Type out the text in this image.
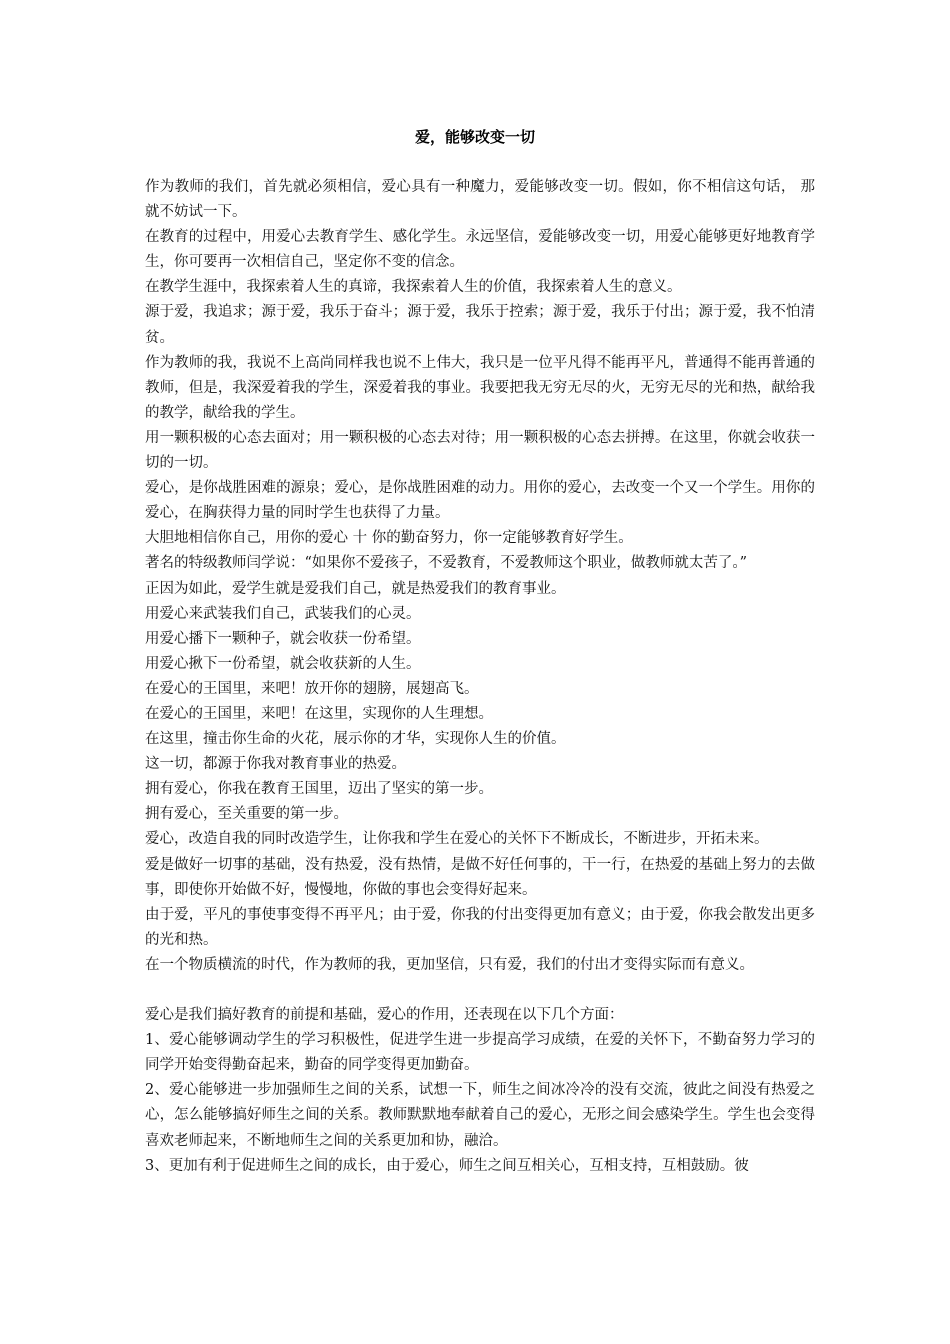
爱，能够改变一切

作为教师的我们，首先就必须相信，爱心具有一种魔力，爱能够改变一切。假如，你不相信这句话， 那就不妨试一下。

在教育的过程中，用爱心去教育学生、感化学生。永远坚信，爱能够改变一切，用爱心能够更好地教育学生，你可要再一次相信自己，坚定你不变的信念。

在教学生涯中，我探索着人生的真谛，我探索着人生的价值，我探索着人生的意义。

源于爱，我追求；源于爱，我乐于奋斗；源于爱，我乐于控索；源于爱，我乐于付出；源于爱，我不怕清贫。

作为教师的我，我说不上高尚同样我也说不上伟大，我只是一位平凡得不能再平凡，普通得不能再普通的教师，但是，我深爱着我的学生，深爱着我的事业。我要把我无穷无尽的火，无穷无尽的光和热，献给我的教学，献给我的学生。

用一颗积极的心态去面对；用一颗积极的心态去对待；用一颗积极的心态去拼搏。在这里，你就会收获一切的一切。

爱心，是你战胜困难的源泉；爱心，是你战胜困难的动力。用你的爱心，去改变一个又一个学生。用你的爱心，在胸获得力量的同时学生也获得了力量。

大胆地相信你自己，用你的爱心 十 你的勤奋努力，你一定能够教育好学生。

著名的特级教师闫学说：“如果你不爱孩子，不爱教育，不爱教师这个职业，做教师就太苦了。”

正因为如此，爱学生就是爱我们自己，就是热爱我们的教育事业。

用爱心来武装我们自己，武装我们的心灵。

用爱心播下一颗种子，就会收获一份希望。

用爱心揪下一份希望，就会收获新的人生。

在爱心的王国里，来吧！放开你的翅膀，展翅高飞。

在爱心的王国里，来吧！在这里，实现你的人生理想。

在这里，撞击你生命的火花，展示你的才华，实现你人生的价值。

这一切，都源于你我对教育事业的热爱。

拥有爱心，你我在教育王国里，迈出了坚实的第一步。

拥有爱心，至关重要的第一步。

爱心，改造自我的同时改造学生，让你我和学生在爱心的关怀下不断成长，不断进步，开拓未来。

爱是做好一切事的基础，没有热爱，没有热情，是做不好任何事的，干一行，在热爱的基础上努力的去做事，即使你开始做不好，慢慢地，你做的事也会变得好起来。

由于爱，平凡的事使事变得不再平凡；由于爱，你我的付出变得更加有意义；由于爱，你我会散发出更多的光和热。

在一个物质横流的时代，作为教师的我，更加坚信，只有爱，我们的付出才变得实际而有意义。

爱心是我们搞好教育的前提和基础，爱心的作用，还表现在以下几个方面：

1、爱心能够调动学生的学习积极性，促进学生进一步提高学习成绩，在爱的关怀下，不勤奋努力学习的同学开始变得勤奋起来，勤奋的同学变得更加勤奋。

2、爱心能够进一步加强师生之间的关系，试想一下，师生之间冰冷冷的没有交流，彼此之间没有热爱之心，怎么能够搞好师生之间的关系。教师默默地奉献着自己的爱心，无形之间会感染学生。学生也会变得喜欢老师起来，不断地师生之间的关系更加和协，融洽。

3、更加有利于促进师生之间的成长，由于爱心，师生之间互相关心，互相支持，互相鼓励。彼
